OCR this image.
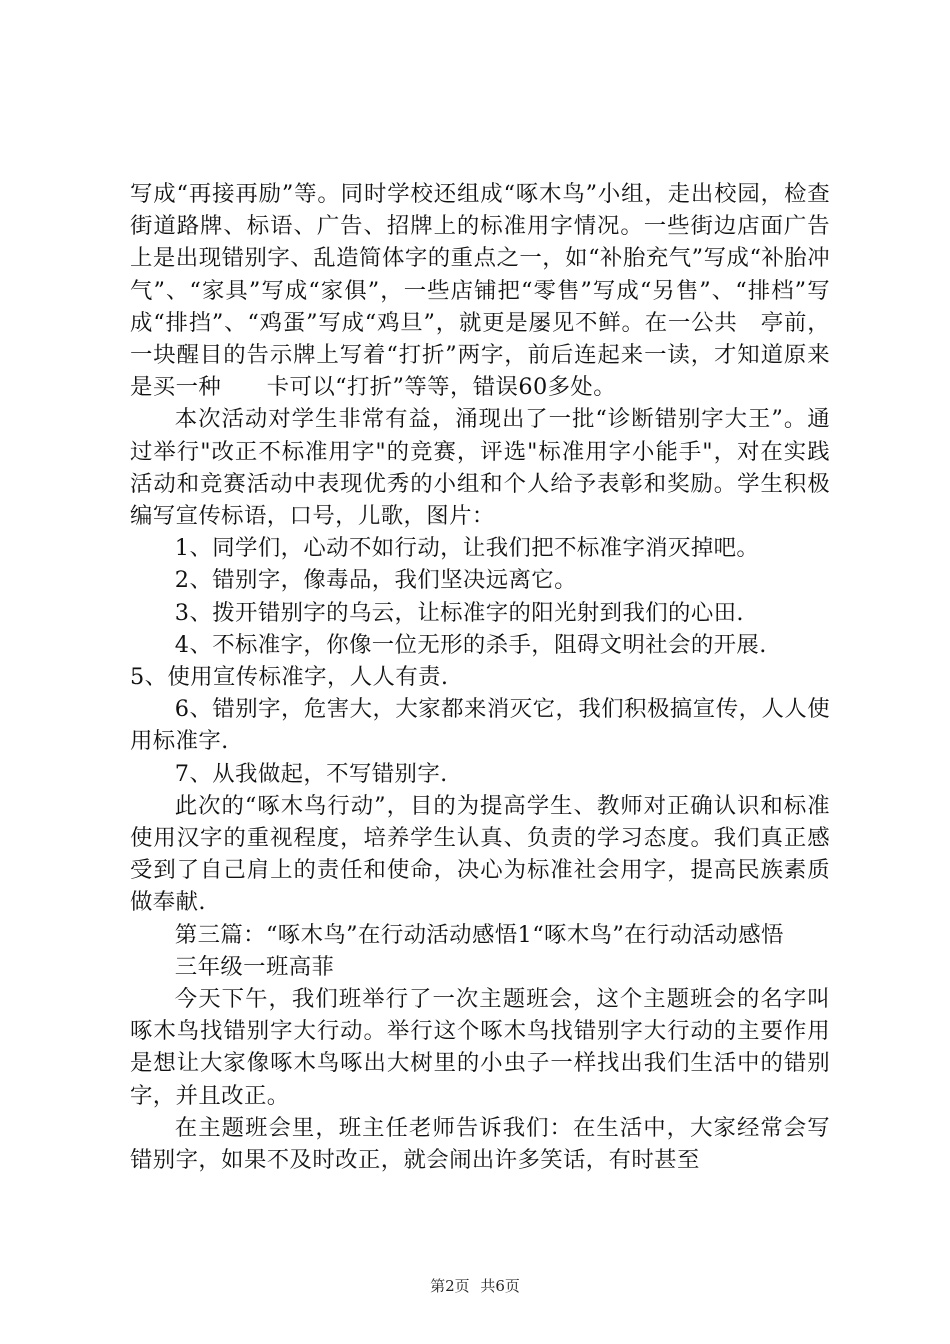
写成“再接再励”等。同时学校还组成“啄木鸟”小组，走出校园，检查街道路牌、标语、广告、招牌上的标准用字情况。一些街边店面广告上是出现错别字、乱造简体字的重点之一，如“补胎充气”写成“补胎冲气”、“家具”写成“家俱”，一些店铺把“零售”写成“另售”、“排档”写成“排挡”、“鸡蛋”写成“鸡旦”，就更是屡见不鲜。在一公共　亭前，一块醒目的告示牌上写着“打折”两字，前后连起来一读，才知道原来是买一种　　卡可以“打折”等等，错误60多处。

本次活动对学生非常有益，涌现出了一批“诊断错别字大王”。通过举行"改正不标准用字"的竞赛，评选"标准用字小能手"，对在实践活动和竞赛活动中表现优秀的小组和个人给予表彰和奖励。学生积极编写宣传标语，口号，儿歌，图片：

1、同学们，心动不如行动，让我们把不标准字消灭掉吧。

2、错别字，像毒品，我们坚决远离它。

3、拨开错别字的乌云，让标准字的阳光射到我们的心田.

4、不标准字，你像一位无形的杀手，阻碍文明社会的开展.

5、使用宣传标准字，人人有责.

6、错别字，危害大，大家都来消灭它，我们积极搞宣传，人人使用标准字.

7、从我做起，不写错别字.

此次的“啄木鸟行动”，目的为提高学生、教师对正确认识和标准使用汉字的重视程度，培养学生认真、负责的学习态度。我们真正感受到了自己肩上的责任和使命，决心为标准社会用字，提高民族素质做奉献.

第三篇：“啄木鸟”在行动活动感悟1“啄木鸟”在行动活动感悟

三年级一班高菲

今天下午，我们班举行了一次主题班会，这个主题班会的名字叫啄木鸟找错别字大行动。举行这个啄木鸟找错别字大行动的主要作用是想让大家像啄木鸟啄出大树里的小虫子一样找出我们生活中的错别字，并且改正。

在主题班会里，班主任老师告诉我们：在生活中，大家经常会写错别字，如果不及时改正，就会闹出许多笑话，有时甚至

第2页 共6页
